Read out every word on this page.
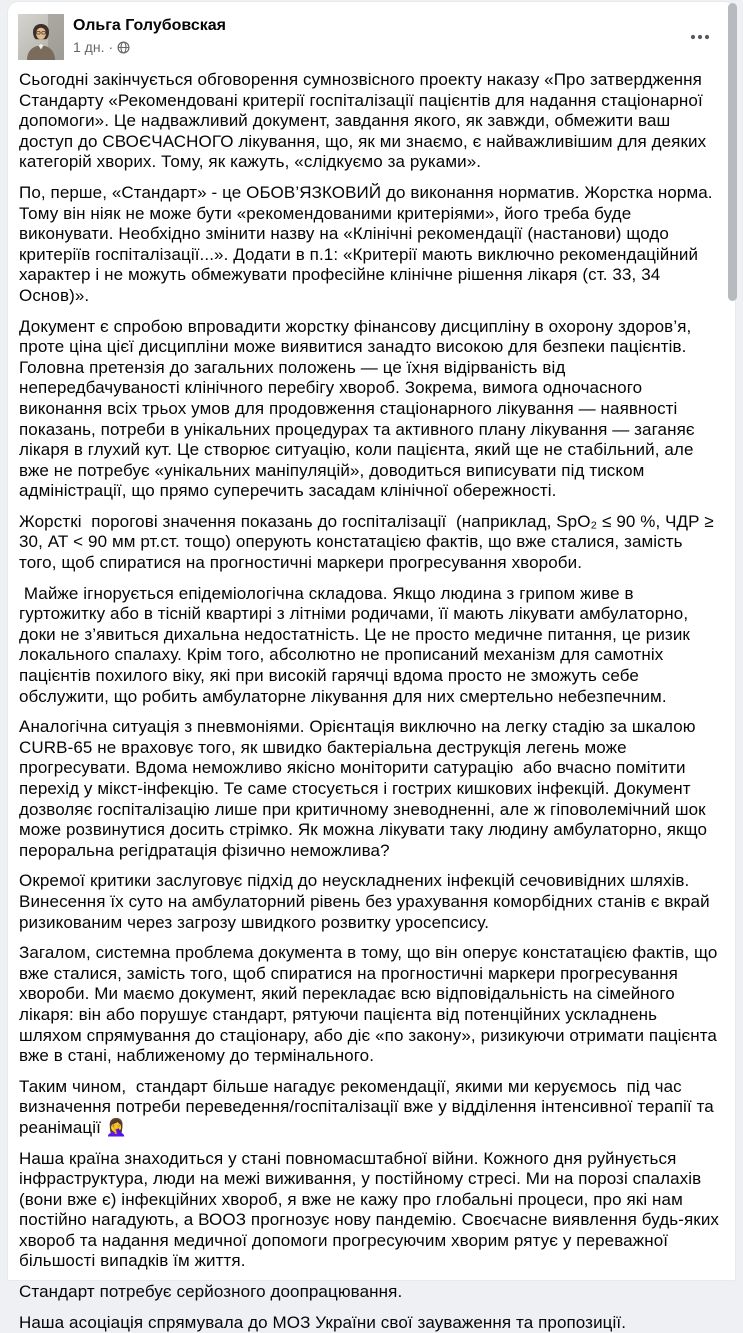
Ольга Голубовская
1 дн. ·

Сьогодні закінчується обговорення сумнозвісного проекту наказу «Про затвердження Стандарту «Рекомендовані критерії госпіталізації пацієнтів для надання стаціонарної допомоги». Це надважливий документ, завдання якого, як завжди, обмежити ваш доступ до СВОЄЧАСНОГО лікування, що, як ми знаємо, є найважливішим для деяких категорій хворих. Тому, як кажуть, «слідкуємо за руками».

По, перше, «Стандарт» - це ОБОВ’ЯЗКОВИЙ до виконання норматив. Жорстка норма. Тому він ніяк не може бути «рекомендованими критеріями», його треба буде виконувати. Необхідно змінити назву на «Клінічні рекомендації (настанови) щодо критеріїв госпіталізації...». Додати в п.1: «Критерії мають виключно рекомендаційний характер і не можуть обмежувати професійне клінічне рішення лікаря (ст. 33, 34 Основ)».

Документ є спробою впровадити жорстку фінансову дисципліну в охорону здоров’я, проте ціна цієї дисципліни може виявитися занадто високою для безпеки пацієнтів. Головна претензія до загальних положень — це їхня відірваність від непередбачуваності клінічного перебігу хвороб. Зокрема, вимога одночасного виконання всіх трьох умов для продовження стаціонарного лікування — наявності показань, потреби в унікальних процедурах та активного плану лікування — заганяє лікаря в глухий кут. Це створює ситуацію, коли пацієнта, який ще не стабільний, але вже не потребує «унікальних маніпуляцій», доводиться виписувати під тиском адміністрації, що прямо суперечить засадам клінічної обережності.

Жорсткі  порогові значення показань до госпіталізації  (наприклад, SpO₂ ≤ 90 %, ЧДР ≥ 30, АТ < 90 мм рт.ст. тощо) оперують констатацією фактів, що вже сталися, замість того, щоб спиратися на прогностичні маркери прогресування хвороби.

Майже ігнорується епідеміологічна складова. Якщо людина з грипом живе в гуртожитку або в тісній квартирі з літніми родичами, її мають лікувати амбулаторно, доки не з’явиться дихальна недостатність. Це не просто медичне питання, це ризик локального спалаху. Крім того, абсолютно не прописаний механізм для самотніх пацієнтів похилого віку, які при високій гарячці вдома просто не зможуть себе обслужити, що робить амбулаторне лікування для них смертельно небезпечним.

Аналогічна ситуація з пневмоніями. Орієнтація виключно на легку стадію за шкалою CURB-65 не враховує того, як швидко бактеріальна деструкція легень може прогресувати. Вдома неможливо якісно моніторити сатурацію  або вчасно помітити перехід у мікст-інфекцію. Те саме стосується і гострих кишкових інфекцій. Документ дозволяє госпіталізацію лише при критичному зневодненні, але ж гіповолемічний шок може розвинутися досить стрімко. Як можна лікувати таку людину амбулаторно, якщо пероральна регідратація фізично неможлива?

Окремої критики заслуговує підхід до неускладнених інфекцій сечовивідних шляхів. Винесення їх суто на амбулаторний рівень без урахування коморбідних станів є вкрай ризикованим через загрозу швидкого розвитку уросепсису.

Загалом, системна проблема документа в тому, що він оперує констатацією фактів, що вже сталися, замість того, щоб спиратися на прогностичні маркери прогресування хвороби. Ми маємо документ, який перекладає всю відповідальність на сімейного лікаря: він або порушує стандарт, рятуючи пацієнта від потенційних ускладнень шляхом спрямування до стаціонару, або діє «по закону», ризикуючи отримати пацієнта вже в стані, наближеному до термінального.

Таким чином,  стандарт більше нагадує рекомендації, якими ми керуємось  під час визначення потреби переведення/госпіталізації вже у відділення інтенсивної терапії та реанімації 🤦‍♀️

Наша країна знаходиться у стані повномасштабної війни. Кожного дня руйнується інфраструктура, люди на межі виживання, у постійному стресі. Ми на порозі спалахів (вони вже є) інфекційних хвороб, я вже не кажу про глобальні процеси, про які нам постійно нагадують, а ВООЗ прогнозує нову пандемію. Своєчасне виявлення будь-яких хвороб та надання медичної допомоги прогресуючим хворим рятує у переважної більшості випадків їм життя.

Стандарт потребує серйозного доопрацювання.

Наша асоціація спрямувала до МОЗ України свої зауваження та пропозиції.
